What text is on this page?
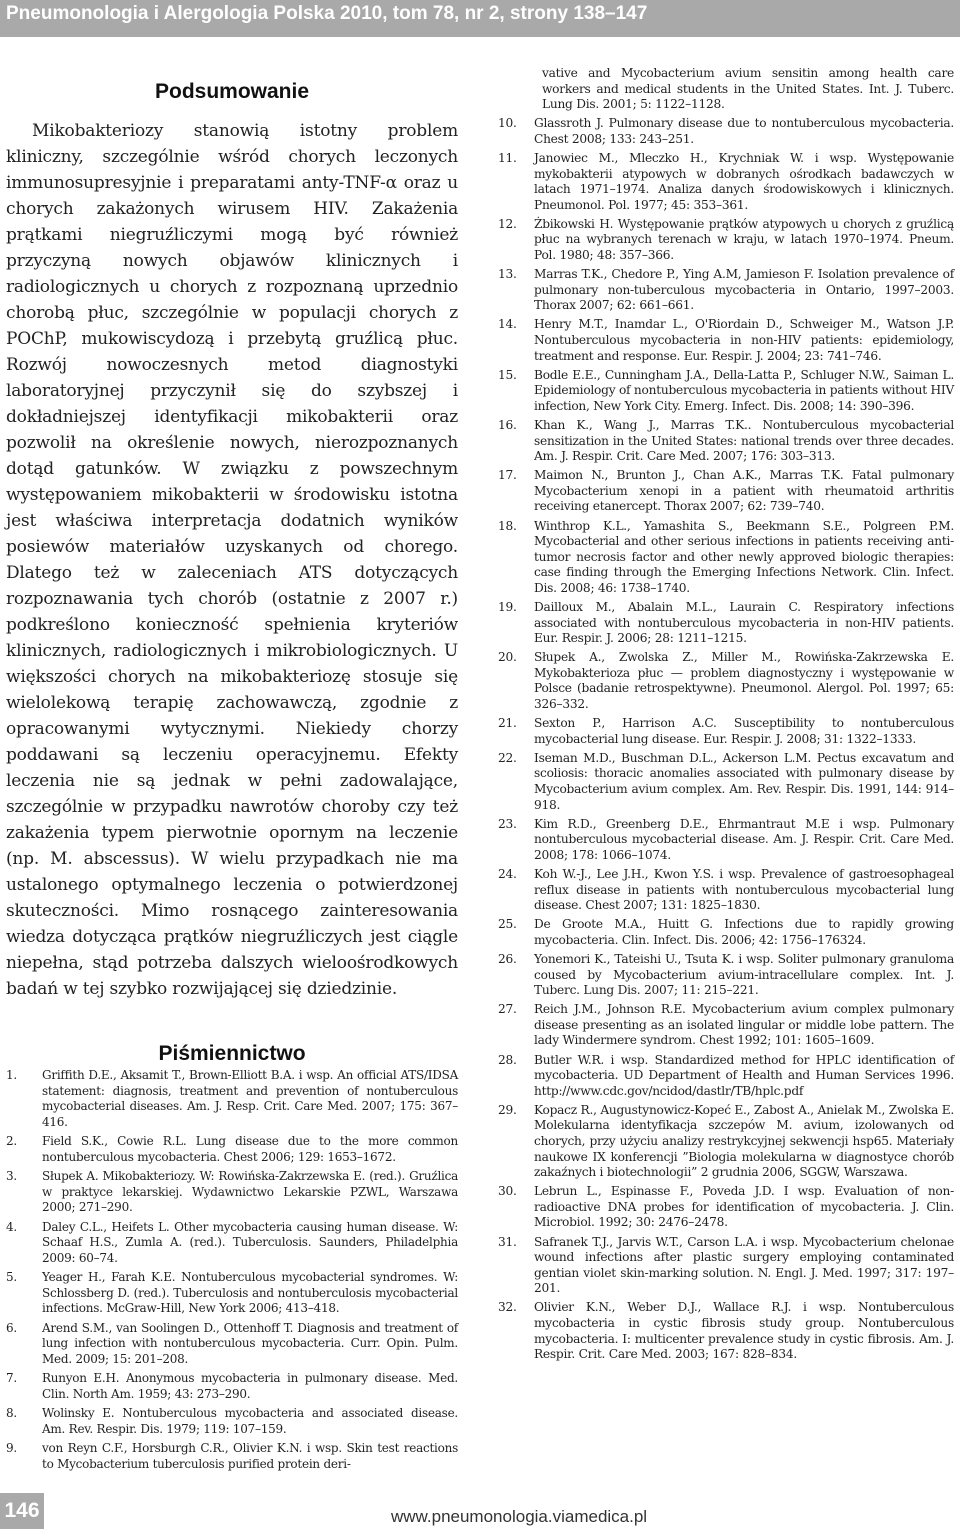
Pneumonologia i Alergologia Polska 2010, tom 78, nr 2, strony 138–147
Podsumowanie

Mikobakteriozy stanowią istotny problem kliniczny, szczególnie wśród chorych leczonych immunosupresyjnie i preparatami anty-TNF-α oraz u chorych zakażonych wirusem HIV. Zakażenia prątkami niegruźliczymi mogą być również przyczyną nowych objawów klinicznych i radiologicznych u chorych z rozpoznaną uprzednio chorobą płuc, szczególnie w populacji chorych z POChP, mukowiscydozą i przebytą gruźlicą płuc. Rozwój nowoczesnych metod diagnostyki laboratoryjnej przyczynił się do szybszej i dokładniejszej identyfikacji mikobakterii oraz pozwolił na określenie nowych, nierozpoznanych dotąd gatunków. W związku z powszechnym występowaniem mikobakterii w środowisku istotna jest właściwa interpretacja dodatnich wyników posiewów materiałów uzyskanych od chorego. Dlatego też w zaleceniach ATS dotyczących rozpoznawania tych chorób (ostatnie z 2007 r.) podkreślono konieczność spełnienia kryteriów klinicznych, radiologicznych i mikrobiologicznych. U większości chorych na mikobakteriozę stosuje się wielolekową terapię zachowawczą, zgodnie z opracowanymi wytycznymi. Niekiedy chorzy poddawani są leczeniu operacyjnemu. Efekty leczenia nie są jednak w pełni zadowalające, szczególnie w przypadku nawrotów choroby czy też zakażenia typem pierwotnie opornym na leczenie (np. M. abscessus). W wielu przypadkach nie ma ustalonego optymalnego leczenia o potwierdzonej skuteczności. Mimo rosnącego zainteresowania wiedza dotycząca prątków niegruźliczych jest ciągle niepełna, stąd potrzeba dalszych wieloośrodkowych badań w tej szybko rozwijającej się dziedzinie.

Piśmiennictwo
1. Griffith D.E., Aksamit T., Brown-Elliott B.A. i wsp. An official ATS/IDSA statement: diagnosis, treatment and prevention of nontuberculous mycobacterial diseases. Am. J. Resp. Crit. Care Med. 2007; 175: 367–416.
2. Field S.K., Cowie R.L. Lung disease due to the more common nontuberculous mycobacteria. Chest 2006; 129: 1653–1672.
3. Słupek A. Mikobakteriozy. W: Rowińska-Zakrzewska E. (red.). Gruźlica w praktyce lekarskiej. Wydawnictwo Lekarskie PZWL, Warszawa 2000; 271–290.
4. Daley C.L., Heifets L. Other mycobacteria causing human disease. W: Schaaf H.S., Zumla A. (red.). Tuberculosis. Saunders, Philadelphia 2009: 60–74.
5. Yeager H., Farah K.E. Nontuberculous mycobacterial syndromes. W: Schlossberg D. (red.). Tuberculosis and nontuberculosis mycobacterial infections. McGraw-Hill, New York 2006; 413–418.
6. Arend S.M., van Soolingen D., Ottenhoff T. Diagnosis and treatment of lung infection with nontuberculous mycobacteria. Curr. Opin. Pulm. Med. 2009; 15: 201–208.
7. Runyon E.H. Anonymous mycobacteria in pulmonary disease. Med. Clin. North Am. 1959; 43: 273–290.
8. Wolinsky E. Nontuberculous mycobacteria and associated disease. Am. Rev. Respir. Dis. 1979; 119: 107–159.
9. von Reyn C.F., Horsburgh C.R., Olivier K.N. i wsp. Skin test reactions to Mycobacterium tuberculosis purified protein deri-
vative and Mycobacterium avium sensitin among health care workers and medical students in the United States. Int. J. Tuberc. Lung Dis. 2001; 5: 1122–1128.
10. Glassroth J. Pulmonary disease due to nontuberculous mycobacteria. Chest 2008; 133: 243–251.
11. Janowiec M., Mleczko H., Krychniak W. i wsp. Występowanie mykobakterii atypowych w dobranych ośrodkach badawczych w latach 1971–1974. Analiza danych środowiskowych i klinicznych. Pneumonol. Pol. 1977; 45: 353–361.
12. Żbikowski H. Występowanie prątków atypowych u chorych z gruźlicą płuc na wybranych terenach w kraju, w latach 1970–1974. Pneum. Pol. 1980; 48: 357–366.
13. Marras T.K., Chedore P., Ying A.M, Jamieson F. Isolation prevalence of pulmonary non-tuberculous mycobacteria in Ontario, 1997–2003. Thorax 2007; 62: 661–661.
14. Henry M.T., Inamdar L., O'Riordain D., Schweiger M., Watson J.P. Nontuberculous mycobacteria in non-HIV patients: epidemiology, treatment and response. Eur. Respir. J. 2004; 23: 741–746.
15. Bodle E.E., Cunningham J.A., Della-Latta P., Schluger N.W., Saiman L. Epidemiology of nontuberculous mycobacteria in patients without HIV infection, New York City. Emerg. Infect. Dis. 2008; 14: 390–396.
16. Khan K., Wang J., Marras T.K.. Nontuberculous mycobacterial sensitization in the United States: national trends over three decades. Am. J. Respir. Crit. Care Med. 2007; 176: 303–313.
17. Maimon N., Brunton J., Chan A.K., Marras T.K. Fatal pulmonary Mycobacterium xenopi in a patient with rheumatoid arthritis receiving etanercept. Thorax 2007; 62: 739–740.
18. Winthrop K.L., Yamashita S., Beekmann S.E., Polgreen P.M. Mycobacterial and other serious infections in patients receiving anti-tumor necrosis factor and other newly approved biologic therapies: case finding through the Emerging Infections Network. Clin. Infect. Dis. 2008; 46: 1738–1740.
19. Dailloux M., Abalain M.L., Laurain C. Respiratory infections associated with nontuberculous mycobacteria in non-HIV patients. Eur. Respir. J. 2006; 28: 1211–1215.
20. Słupek A., Zwolska Z., Miller M., Rowińska-Zakrzewska E. Mykobakterioza płuc — problem diagnostyczny i występowanie w Polsce (badanie retrospektywne). Pneumonol. Alergol. Pol. 1997; 65: 326–332.
21. Sexton P., Harrison A.C. Susceptibility to nontuberculous mycobacterial lung disease. Eur. Respir. J. 2008; 31: 1322–1333.
22. Iseman M.D., Buschman D.L., Ackerson L.M. Pectus excavatum and scoliosis: thoracic anomalies associated with pulmonary disease by Mycobacterium avium complex. Am. Rev. Respir. Dis. 1991, 144: 914–918.
23. Kim R.D., Greenberg D.E., Ehrmantraut M.E i wsp. Pulmonary nontuberculous mycobacterial disease. Am. J. Respir. Crit. Care Med. 2008; 178: 1066–1074.
24. Koh W.-J., Lee J.H., Kwon Y.S. i wsp. Prevalence of gastroesophageal reflux disease in patients with nontuberculous mycobacterial lung disease. Chest 2007; 131: 1825–1830.
25. De Groote M.A., Huitt G. Infections due to rapidly growing mycobacteria. Clin. Infect. Dis. 2006; 42: 1756–176324.
26. Yonemori K., Tateishi U., Tsuta K. i wsp. Soliter pulmonary granuloma coused by Mycobacterium avium-intracellulare complex. Int. J. Tuberc. Lung Dis. 2007; 11: 215–221.
27. Reich J.M., Johnson R.E. Mycobacterium avium complex pulmonary disease presenting as an isolated lingular or middle lobe pattern. The lady Windermere syndrom. Chest 1992; 101: 1605–1609.
28. Butler W.R. i wsp. Standardized method for HPLC identification of mycobacteria. UD Department of Health and Human Services 1996. http://www.cdc.gov/ncidod/dastlr/TB/hplc.pdf
29. Kopacz R., Augustynowicz-Kopeć E., Zabost A., Anielak M., Zwolska E. Molekularna identyfikacja szczepów M. avium, izolowanych od chorych, przy użyciu analizy restrykcyjnej sekwencji hsp65. Materiały naukowe IX konferencji ”Biologia molekularna w diagnostyce chorób zakaźnych i biotechnologii” 2 grudnia 2006, SGGW, Warszawa.
30. Lebrun L., Espinasse F., Poveda J.D. I wsp. Evaluation of non-radioactive DNA probes for identification of mycobacteria. J. Clin. Microbiol. 1992; 30: 2476–2478.
31. Safranek T.J., Jarvis W.T., Carson L.A. i wsp. Mycobacterium chelonae wound infections after plastic surgery employing contaminated gentian violet skin-marking solution. N. Engl. J. Med. 1997; 317: 197–201.
32. Olivier K.N., Weber D.J., Wallace R.J. i wsp. Nontuberculous mycobacteria in cystic fibrosis study group. Nontuberculous mycobacteria. I: multicenter prevalence study in cystic fibrosis. Am. J. Respir. Crit. Care Med. 2003; 167: 828–834.
146	www.pneumonologia.viamedica.pl
